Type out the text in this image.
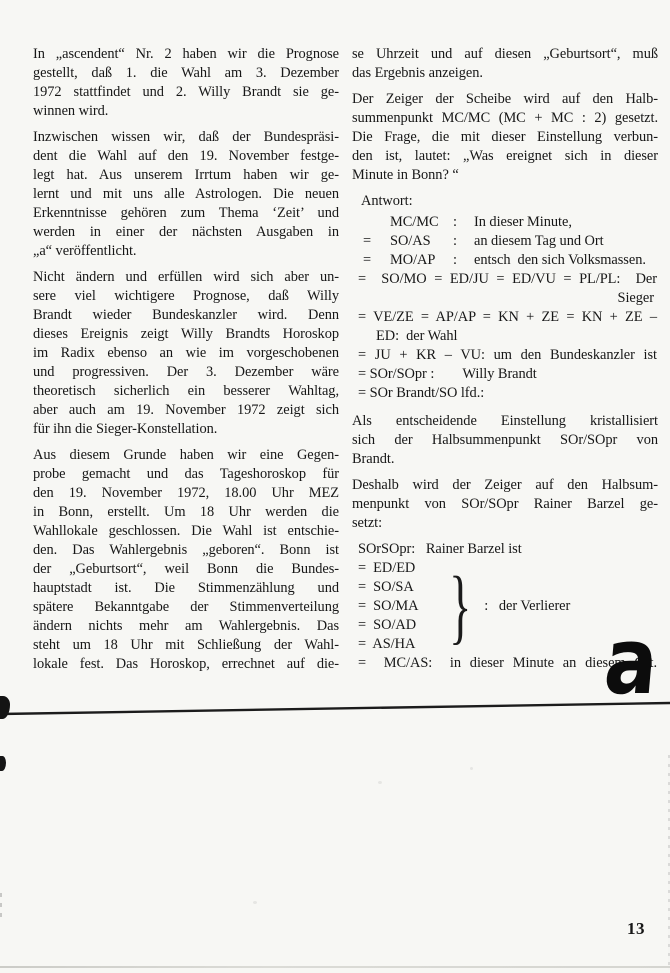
In „ascendent“ Nr. 2 haben wir die Prognose
gestellt, daß 1. die Wahl am 3. Dezember
1972 stattfindet und 2. Willy Brandt sie ge-
winnen wird.
Inzwischen wissen wir, daß der Bundespräsi-
dent die Wahl auf den 19. November festge-
legt hat. Aus unserem Irrtum haben wir ge-
lernt und mit uns alle Astrologen. Die neuen
Erkenntnisse gehören zum Thema ‘Zeit’ und
werden in einer der nächsten Ausgaben in
„a“ veröffentlicht.
Nicht ändern und erfüllen wird sich aber un-
sere viel wichtigere Prognose, daß Willy
Brandt wieder Bundeskanzler wird. Denn
dieses Ereignis zeigt Willy Brandts Horoskop
im Radix ebenso an wie im vorgeschobenen
und progressiven. Der 3. Dezember wäre
theoretisch sicherlich ein besserer Wahltag,
aber auch am 19. November 1972 zeigt sich
für ihn die Sieger-Konstellation.
Aus diesem Grunde haben wir eine Gegen-
probe gemacht und das Tageshoroskop für
den 19. November 1972, 18.00 Uhr MEZ
in Bonn, erstellt. Um 18 Uhr werden die
Wahllokale geschlossen. Die Wahl ist entschie-
den. Das Wahlergebnis „geboren“. Bonn ist
der „Geburtsort“, weil Bonn die Bundes-
hauptstadt ist. Die Stimmenzählung und
spätere Bekanntgabe der Stimmenverteilung
ändern nichts mehr am Wahlergebnis. Das
steht um 18 Uhr mit Schließung der Wahl-
lokale fest. Das Horoskop, errechnet auf die-
se Uhrzeit und auf diesen „Geburtsort“, muß
das Ergebnis anzeigen.
Der Zeiger der Scheibe wird auf den Halb-
summenpunkt MC/MC (MC + MC : 2) gesetzt.
Die Frage, die mit dieser Einstellung verbun-
den ist, lautet: „Was ereignet sich in dieser
Minute in Bonn? “
Antwort:
MC/MC	:	In dieser Minute,
=	SO/AS	:	an diesem Tag und Ort
=	MO/AP	:	entsch  den sich Volksmassen.
=  SO/MO = ED/JU = ED/VU = PL/PL:  Der
Sieger
= VE/ZE = AP/AP = KN + ZE = KN + ZE –
ED:  der Wahl
= JU + KR – VU: um den Bundeskanzler ist
= SOr/SOpr :        Willy Brandt
= SOr Brandt/SO lfd.:
Als entscheidende Einstellung kristallisiert
sich der Halbsummenpunkt SOr/SOpr von
Brandt.
Deshalb wird der Zeiger auf den Halbsum-
menpunkt von SOr/SOpr Rainer Barzel ge-
setzt:
SOrSOpr:   Rainer Barzel ist
=  ED/ED
=  SO/SA
=  SO/MA
=  SO/AD
=  AS/HA } :   der Verlierer
=  MC/AS:  in dieser Minute an diesem Ort.
a
13
